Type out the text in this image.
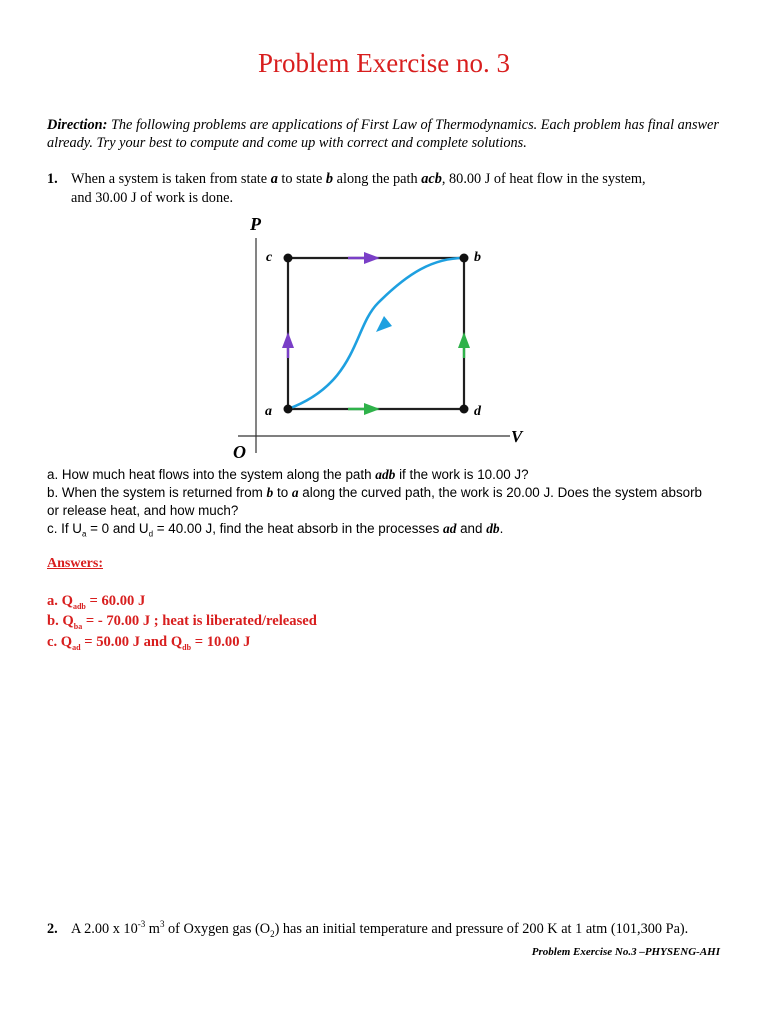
Problem Exercise no. 3
Direction: The following problems are applications of First Law of Thermodynamics. Each problem has final answer already. Try your best to compute and come up with correct and complete solutions.
1. When a system is taken from state a to state b along the path acb, 80.00 J of heat flow in the system,
and 30.00 J of work is done.
P
V
O
c	b
a	d
a. How much heat flows into the system along the path adb if the work is 10.00 J?
b. When the system is returned from b to a along the curved path, the work is 20.00 J. Does the system absorb
or release heat, and how much?
c. If $U_a = 0$ and $U_d = 40.00$ J, find the heat absorb in the processes ad and db.
Answers:
a. $Q_{adb} = 60.00$ J
b. $Q_{ba}$ = - 70.00 J ; heat is liberated/released
c. $Q_{ad} = 50.00$ J and $Q_{db} = 10.00$ J
2. A 2.00 x $10^{-3}$ $m^3$ of Oxygen gas $(O_2)$ has an initial temperature and pressure of 200 K at 1 atm (101,300 Pa).
Problem Exercise No.3 –PHYSENG-AHI
